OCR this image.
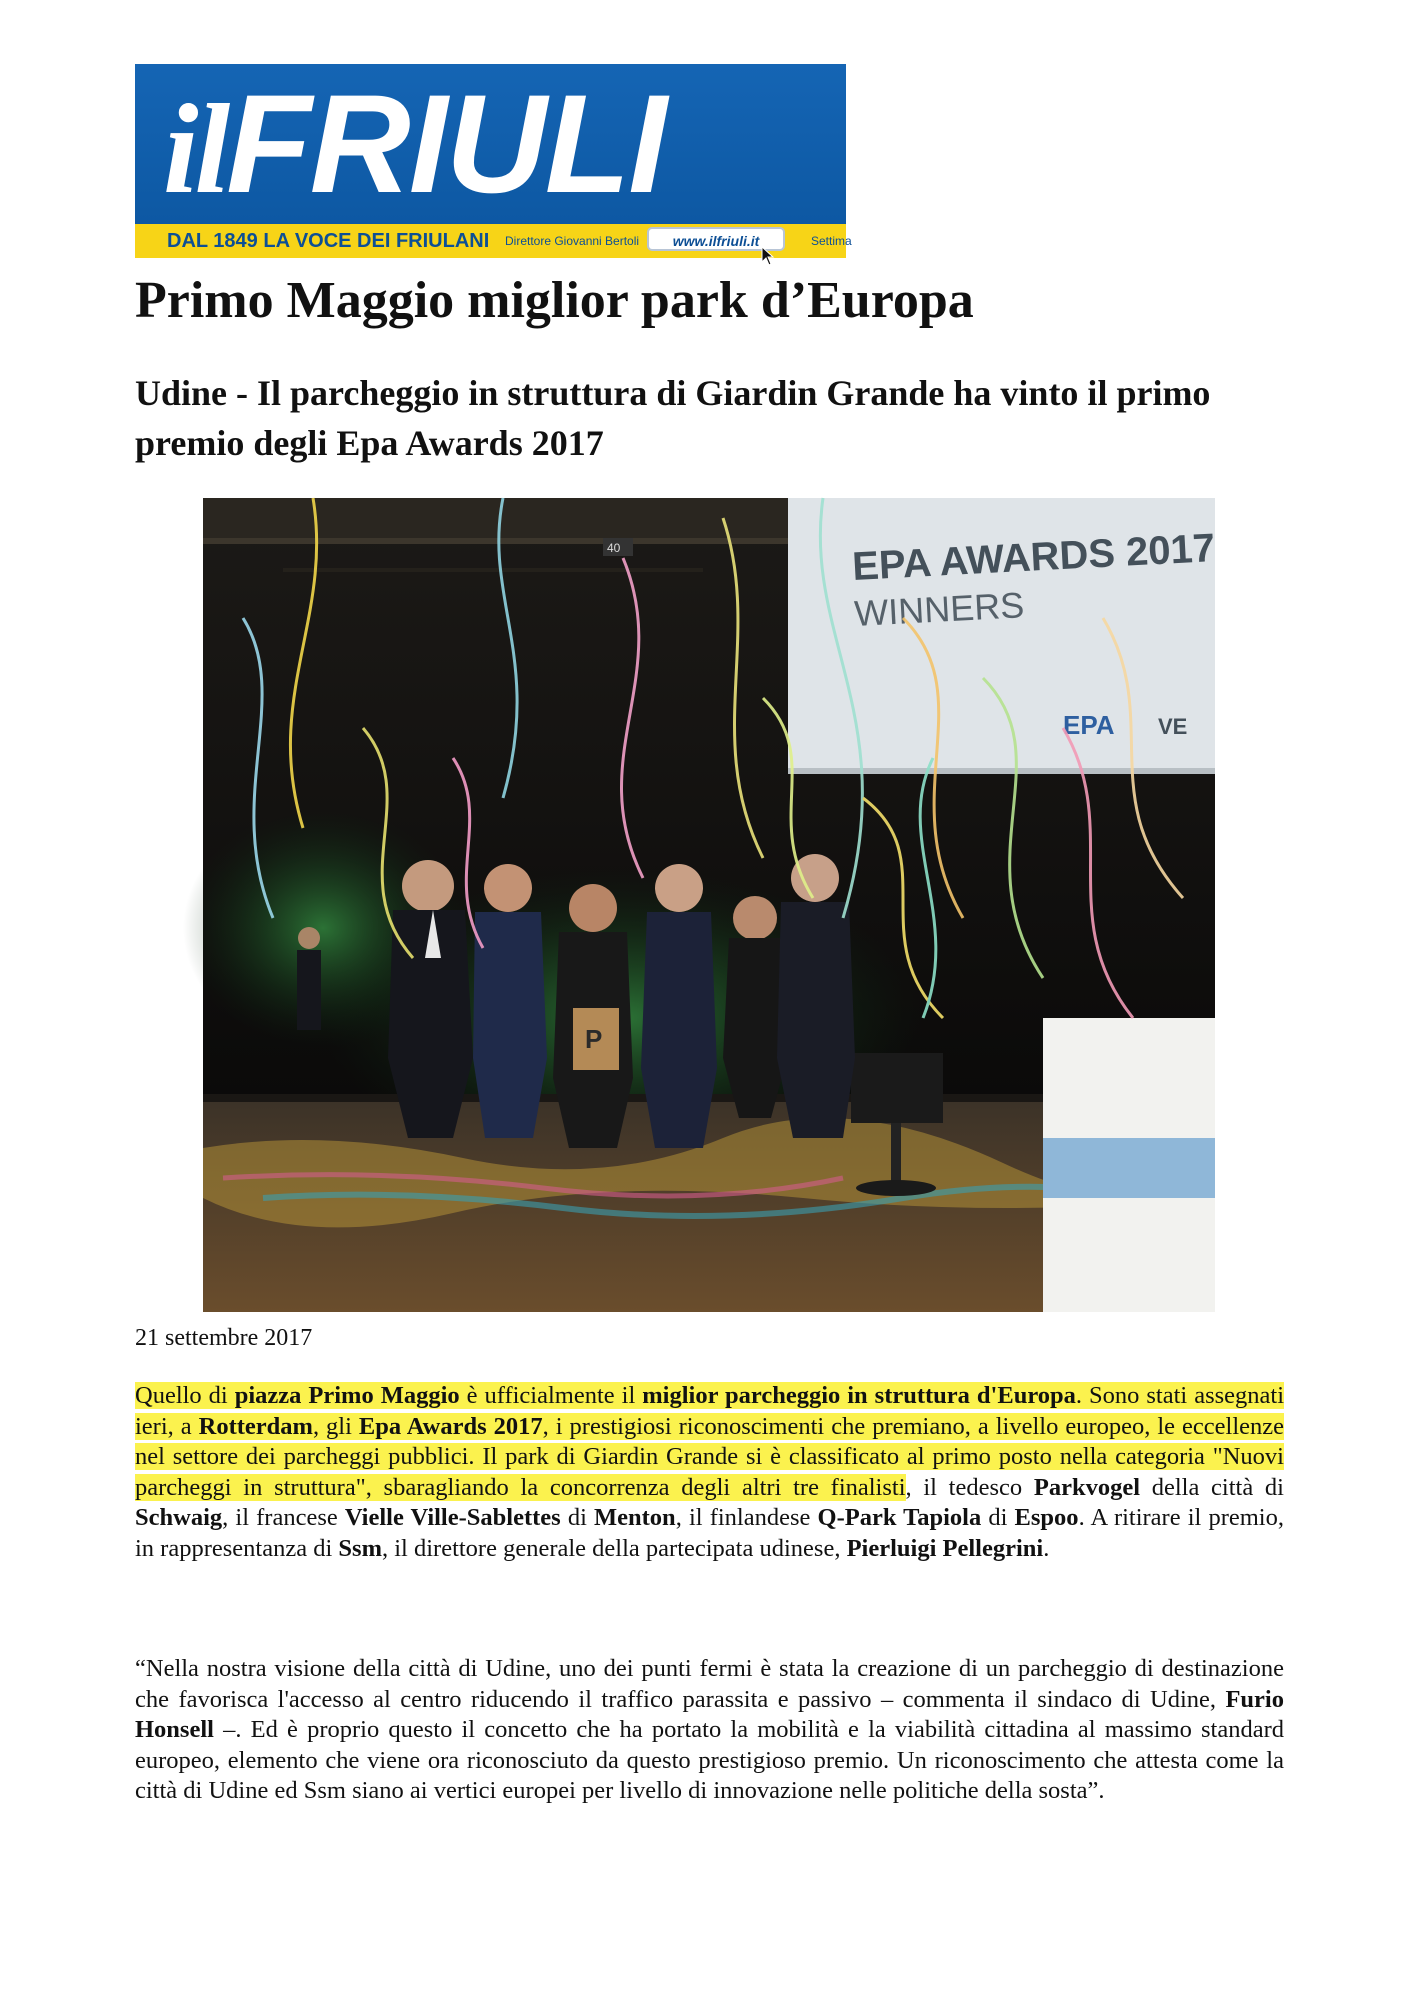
ilFRIULI
DAL 1849 LA VOCE DEI FRIULANI Direttore Giovanni Bertoli	www.ilfriuli.it	Settima
Primo Maggio miglior park d’Europa
Udine - Il parcheggio in struttura di Giardin Grande ha vinto il primo premio degli Epa Awards 2017
EPA AWARDS 2017
WINNERS
EPA VE
40
P
21 settembre 2017

Quello di piazza Primo Maggio è ufficialmente il miglior parcheggio in struttura d'Europa. Sono stati assegnati ieri, a Rotterdam, gli Epa Awards 2017, i prestigiosi riconoscimenti che premiano, a livello europeo, le eccellenze nel settore dei parcheggi pubblici. Il park di Giardin Grande si è classificato al primo posto nella categoria "Nuovi parcheggi in struttura", sbaragliando la concorrenza degli altri tre finalisti, il tedesco Parkvogel della città di Schwaig, il francese Vielle Ville-Sablettes di Menton, il finlandese Q-Park Tapiola di Espoo. A ritirare il premio, in rappresentanza di Ssm, il direttore generale della partecipata udinese, Pierluigi Pellegrini.

“Nella nostra visione della città di Udine, uno dei punti fermi è stata la creazione di un parcheggio di destinazione che favorisca l'accesso al centro riducendo il traffico parassita e passivo – commenta il sindaco di Udine, Furio Honsell –. Ed è proprio questo il concetto che ha portato la mobilità e la viabilità cittadina al massimo standard europeo, elemento che viene ora riconosciuto da questo prestigioso premio. Un riconoscimento che attesta come la città di Udine ed Ssm siano ai vertici europei per livello di innovazione nelle politiche della sosta”.
